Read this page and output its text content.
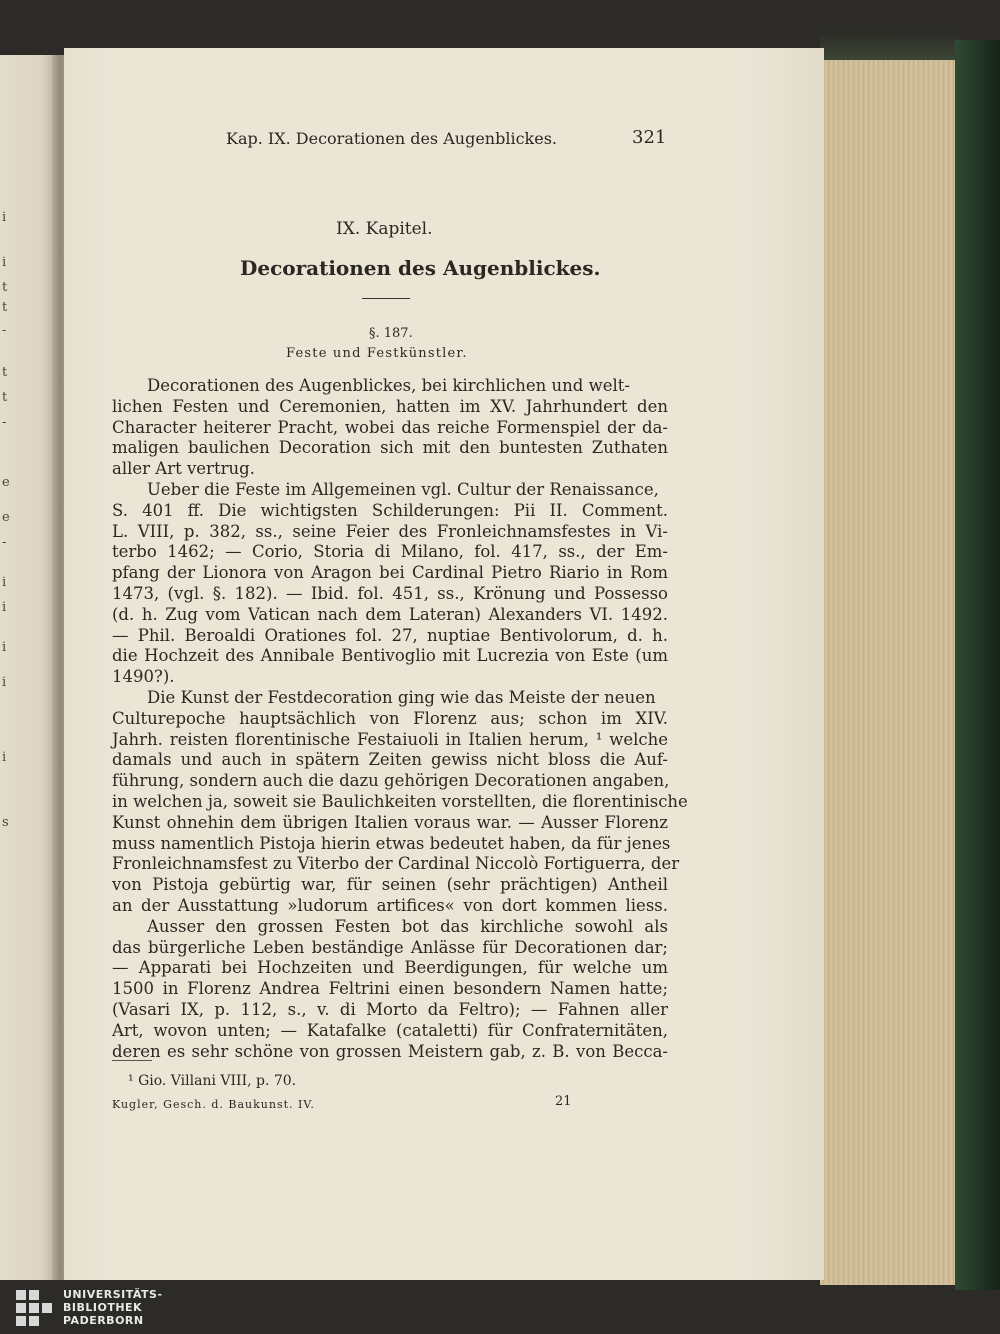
i
i
t
t
-
t
t
-
e
e
-
i
i
i
i
i
s
Kap. IX. Decorationen des Augenblickes.	321
IX. Kapitel.
Decorationen des Augenblickes.
§. 187.
Feste und Festkünstler.
Decorationen des Augenblickes, bei kirchlichen und welt-
lichen Festen und Ceremonien, hatten im XV. Jahrhundert den
Character heiterer Pracht, wobei das reiche Formenspiel der da-
maligen baulichen Decoration sich mit den buntesten Zuthaten
aller Art vertrug.
Ueber die Feste im Allgemeinen vgl. Cultur der Renaissance,
S. 401 ff. Die wichtigsten Schilderungen: Pii II. Comment.
L. VIII, p. 382, ss., seine Feier des Fronleichnamsfestes in Vi-
terbo 1462; — Corio, Storia di Milano, fol. 417, ss., der Em-
pfang der Lionora von Aragon bei Cardinal Pietro Riario in Rom
1473, (vgl. §. 182). — Ibid. fol. 451, ss., Krönung und Possesso
(d. h. Zug vom Vatican nach dem Lateran) Alexanders VI. 1492.
— Phil. Beroaldi Orationes fol. 27, nuptiae Bentivolorum, d. h.
die Hochzeit des Annibale Bentivoglio mit Lucrezia von Este (um
1490?).
Die Kunst der Festdecoration ging wie das Meiste der neuen
Culturepoche hauptsächlich von Florenz aus; schon im XIV.
Jahrh. reisten florentinische Festaiuoli in Italien herum, ¹ welche
damals und auch in spätern Zeiten gewiss nicht bloss die Auf-
führung, sondern auch die dazu gehörigen Decorationen angaben,
in welchen ja, soweit sie Baulichkeiten vorstellten, die florentinische
Kunst ohnehin dem übrigen Italien voraus war. — Ausser Florenz
muss namentlich Pistoja hierin etwas bedeutet haben, da für jenes
Fronleichnamsfest zu Viterbo der Cardinal Niccolò Fortiguerra, der
von Pistoja gebürtig war, für seinen (sehr prächtigen) Antheil
an der Ausstattung »ludorum artifices« von dort kommen liess.
Ausser den grossen Festen bot das kirchliche sowohl als
das bürgerliche Leben beständige Anlässe für Decorationen dar;
— Apparati bei Hochzeiten und Beerdigungen, für welche um
1500 in Florenz Andrea Feltrini einen besondern Namen hatte;
(Vasari IX, p. 112, s., v. di Morto da Feltro); — Fahnen aller
Art, wovon unten; — Katafalke (cataletti) für Confraternitäten,
deren es sehr schöne von grossen Meistern gab, z. B. von Becca-
¹ Gio. Villani VIII, p. 70.
Kugler, Gesch. d. Baukunst. IV.	21
UNIVERSITÄTS-
BIBLIOTHEK
PADERBORN
